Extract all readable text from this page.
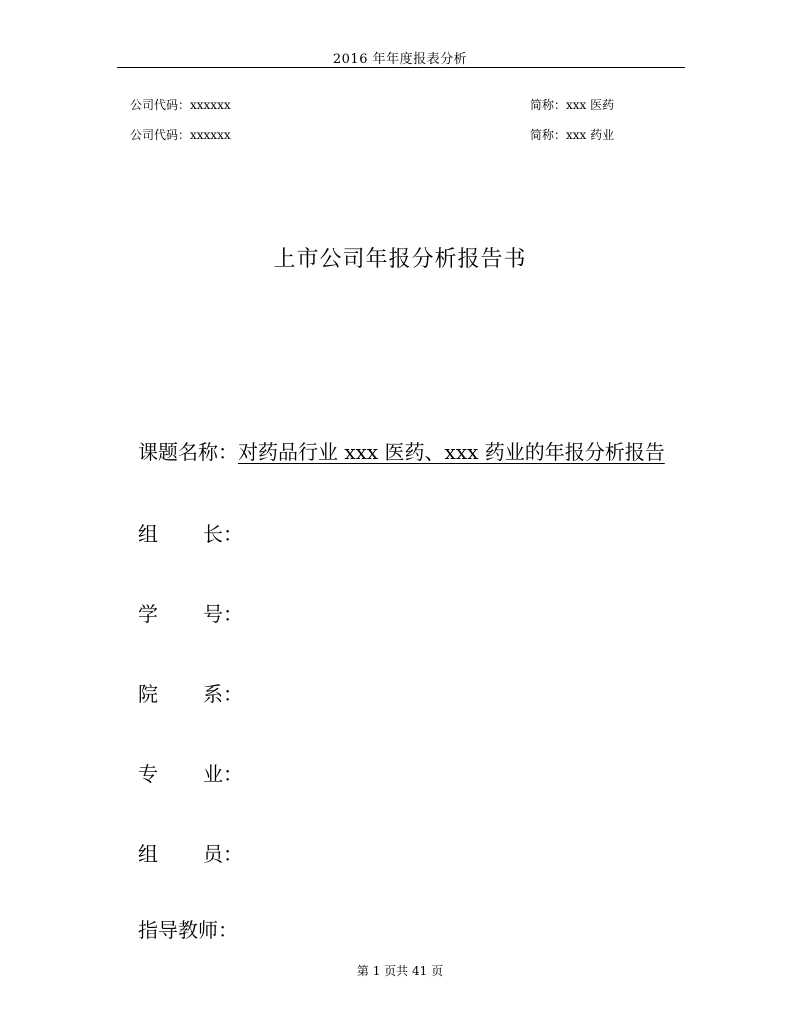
2016 年年度报表分析
公司代码：xxxxxx	简称：xxx 医药
公司代码：xxxxxx	简称：xxx 药业
上市公司年报分析报告书
课题名称：对药品行业 xxx 医药、xxx 药业的年报分析报告
组 长：
学 号：
院 系：
专 业：
组 员：
指导教师：
第 1 页共 41 页
